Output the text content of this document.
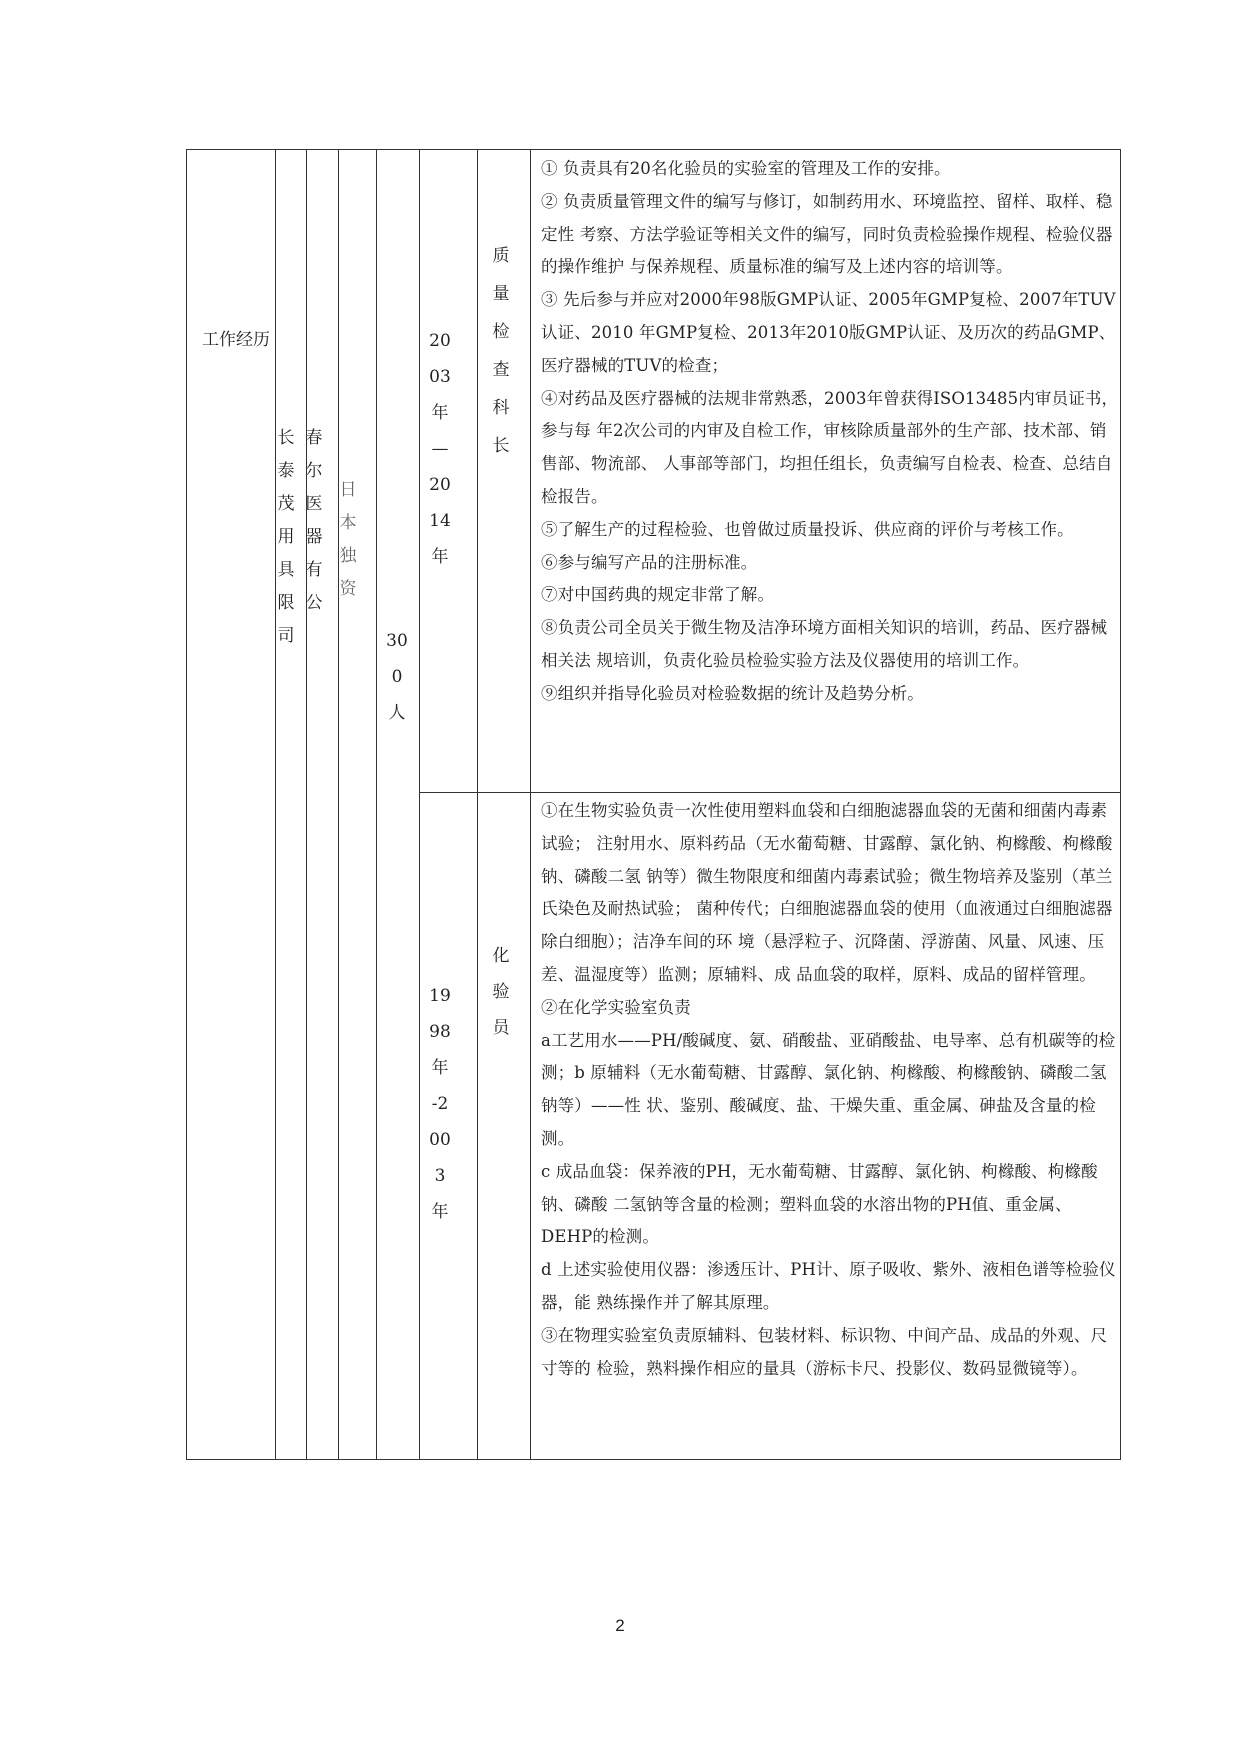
工作经历
长
泰
茂
用
具
限
司
春
尔
医
器
有
公
日
本
独
资
30
0
人
20
03
年
—
20
14
年
质
量
检
查
科
长

① 负责具有20名化验员的实验室的管理及工作的安排。

② 负责质量管理文件的编写与修订，如制药用水、环境监控、留样、取样、稳定性 考察、方法学验证等相关文件的编写，同时负责检验操作规程、检验仪器的操作维护 与保养规程、质量标准的编写及上述内容的培训等。

③ 先后参与并应对2000年98版GMP认证、2005年GMP复检、2007年TUV认证、2010 年GMP复检、2013年2010版GMP认证、及历次的药品GMP、医疗器械的TUV的检查；

④对药品及医疗器械的法规非常熟悉，2003年曾获得ISO13485内审员证书，参与每 年2次公司的内审及自检工作，审核除质量部外的生产部、技术部、销售部、物流部、 人事部等部门，均担任组长，负责编写自检表、检查、总结自检报告。

⑤了解生产的过程检验、也曾做过质量投诉、供应商的评价与考核工作。

⑥参与编写产品的注册标准。

⑦对中国药典的规定非常了解。

⑧负责公司全员关于微生物及洁净环境方面相关知识的培训，药品、医疗器械相关法 规培训，负责化验员检验实验方法及仪器使用的培训工作。

⑨组织并指导化验员对检验数据的统计及趋势分析。

19
98
年
-2
00
3
年
化
验
员

①在生物实验负责一次性使用塑料血袋和白细胞滤器血袋的无菌和细菌内毒素试验； 注射用水、原料药品（无水葡萄糖、甘露醇、氯化钠、枸橼酸、枸橼酸钠、磷酸二氢 钠等）微生物限度和细菌内毒素试验；微生物培养及鉴别（革兰氏染色及耐热试验； 菌种传代；白细胞滤器血袋的使用（血液通过白细胞滤器除白细胞）；洁净车间的环 境（悬浮粒子、沉降菌、浮游菌、风量、风速、压差、温湿度等）监测；原辅料、成 品血袋的取样，原料、成品的留样管理。

②在化学实验室负责

a工艺用水——PH/酸碱度、氨、硝酸盐、亚硝酸盐、电导率、总有机碳等的检测；b 原辅料（无水葡萄糖、甘露醇、氯化钠、枸橼酸、枸橼酸钠、磷酸二氢钠等）——性 状、鉴别、酸碱度、盐、干燥失重、重金属、砷盐及含量的检测。

c 成品血袋：保养液的PH，无水葡萄糖、甘露醇、氯化钠、枸橼酸、枸橼酸钠、磷酸 二氢钠等含量的检测；塑料血袋的水溶出物的PH值、重金属、DEHP的检测。

d 上述实验使用仪器：渗透压计、PH计、原子吸收、紫外、液相色谱等检验仪器，能 熟练操作并了解其原理。

③在物理实验室负责原辅料、包装材料、标识物、中间产品、成品的外观、尺寸等的 检验，熟料操作相应的量具（游标卡尺、投影仪、数码显微镜等）。

2
